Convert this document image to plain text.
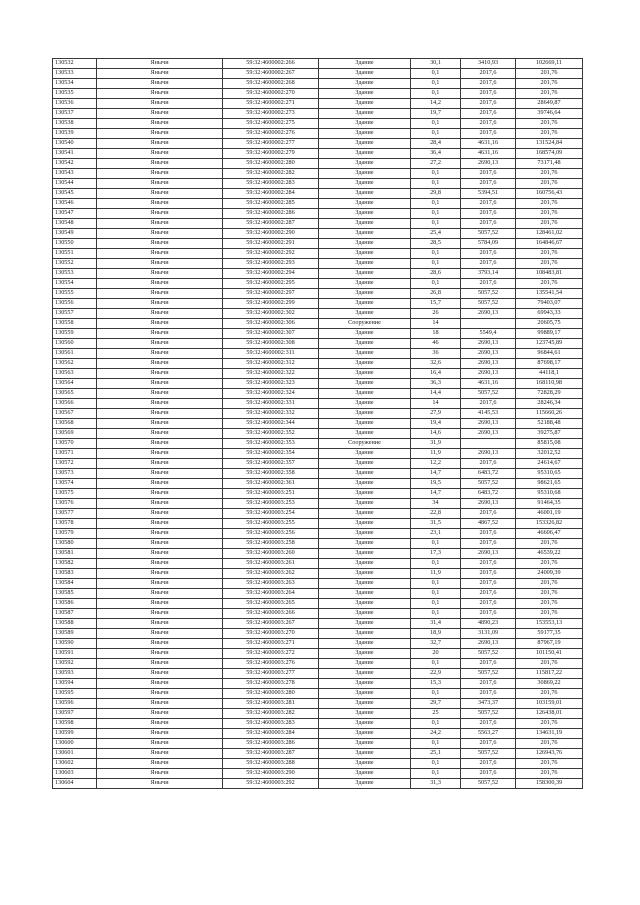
130532	Янычи	59:32:4600002:266	Здание	30,1	3410,93	102669,11
130533	Янычи	59:32:4600002:267	Здание	0,1	2017,6	201,76
130534	Янычи	59:32:4600002:268	Здание	0,1	2017,6	201,76
130535	Янычи	59:32:4600002:270	Здание	0,1	2017,6	201,76
130536	Янычи	59:32:4600002:271	Здание	14,2	2017,6	28649,87
130537	Янычи	59:32:4600002:273	Здание	19,7	2017,6	39746,64
130538	Янычи	59:32:4600002:275	Здание	0,1	2017,6	201,76
130539	Янычи	59:32:4600002:276	Здание	0,1	2017,6	201,76
130540	Янычи	59:32:4600002:277	Здание	28,4	4631,16	131524,84
130541	Янычи	59:32:4600002:279	Здание	36,4	4631,16	168574,09
130542	Янычи	59:32:4600002:280	Здание	27,2	2690,13	73171,48
130543	Янычи	59:32:4600002:282	Здание	0,1	2017,6	201,76
130544	Янычи	59:32:4600002:283	Здание	0,1	2017,6	201,76
130545	Янычи	59:32:4600002:284	Здание	29,8	5394,51	160756,43
130546	Янычи	59:32:4600002:285	Здание	0,1	2017,6	201,76
130547	Янычи	59:32:4600002:286	Здание	0,1	2017,6	201,76
130548	Янычи	59:32:4600002:287	Здание	0,1	2017,6	201,76
130549	Янычи	59:32:4600002:290	Здание	25,4	5057,52	128461,02
130550	Янычи	59:32:4600002:291	Здание	28,5	5784,09	164846,67
130551	Янычи	59:32:4600002:292	Здание	0,1	2017,6	201,76
130552	Янычи	59:32:4600002:293	Здание	0,1	2017,6	201,76
130553	Янычи	59:32:4600002:294	Здание	28,6	3793,14	108483,81
130554	Янычи	59:32:4600002:295	Здание	0,1	2017,6	201,76
130555	Янычи	59:32:4600002:297	Здание	26,8	5057,52	135541,54
130556	Янычи	59:32:4600002:299	Здание	15,7	5057,52	79403,07
130557	Янычи	59:32:4600002:302	Здание	26	2690,13	69943,33
130558	Янычи	59:32:4600002:306	Сооружение	14		20605,75
130559	Янычи	59:32:4600002:307	Здание	18	5549,4	99889,17
130560	Янычи	59:32:4600002:308	Здание	46	2690,13	123745,89
130561	Янычи	59:32:4600002:311	Здание	36	2690,13	96844,61
130562	Янычи	59:32:4600002:312	Здание	32,6	2690,13	87698,17
130563	Янычи	59:32:4600002:322	Здание	16,4	2690,13	44118,1
130564	Янычи	59:32:4600002:323	Здание	36,3	4631,16	168110,98
130565	Янычи	59:32:4600002:324	Здание	14,4	5057,52	72828,29
130566	Янычи	59:32:4600002:331	Здание	14	2017,6	28246,34
130567	Янычи	59:32:4600002:332	Здание	27,9	4145,53	115660,26
130568	Янычи	59:32:4600002:344	Здание	19,4	2690,13	52188,48
130569	Янычи	59:32:4600002:352	Здание	14,6	2690,13	39275,87
130570	Янычи	59:32:4600002:353	Сооружение	31,9		85815,08
130571	Янычи	59:32:4600002:354	Здание	11,9	2690,13	32012,52
130572	Янычи	59:32:4600002:357	Здание	12,2	2017,6	24614,67
130573	Янычи	59:32:4600002:358	Здание	14,7	6483,72	95310,65
130574	Янычи	59:32:4600002:361	Здание	19,5	5057,52	98621,65
130575	Янычи	59:32:4600003:251	Здание	14,7	6483,72	95310,68
130576	Янычи	59:32:4600003:253	Здание	34	2690,13	91464,35
130577	Янычи	59:32:4600003:254	Здание	22,8	2017,6	46001,19
130578	Янычи	59:32:4600003:255	Здание	31,5	4867,52	153326,82
130579	Янычи	59:32:4600003:256	Здание	23,1	2017,6	46606,47
130580	Янычи	59:32:4600003:258	Здание	0,1	2017,6	201,76
130581	Янычи	59:32:4600003:260	Здание	17,3	2690,13	46539,22
130582	Янычи	59:32:4600003:261	Здание	0,1	2017,6	201,76
130583	Янычи	59:32:4600003:262	Здание	11,9	2017,6	24009,39
130584	Янычи	59:32:4600003:263	Здание	0,1	2017,6	201,76
130585	Янычи	59:32:4600003:264	Здание	0,1	2017,6	201,76
130586	Янычи	59:32:4600003:265	Здание	0,1	2017,6	201,76
130587	Янычи	59:32:4600003:266	Здание	0,1	2017,6	201,76
130588	Янычи	59:32:4600003:267	Здание	31,4	4890,23	153553,13
130589	Янычи	59:32:4600003:270	Здание	18,9	3131,09	59177,35
130590	Янычи	59:32:4600003:271	Здание	32,7	2690,13	87967,19
130591	Янычи	59:32:4600003:272	Здание	20	5057,52	101150,41
130592	Янычи	59:32:4600003:276	Здание	0,1	2017,6	201,76
130593	Янычи	59:32:4600003:277	Здание	22,9	5057,52	115817,22
130594	Янычи	59:32:4600003:278	Здание	15,3	2017,6	30869,22
130595	Янычи	59:32:4600003:280	Здание	0,1	2017,6	201,76
130596	Янычи	59:32:4600003:281	Здание	29,7	3473,37	103159,01
130597	Янычи	59:32:4600003:282	Здание	25	5057,52	126438,01
130598	Янычи	59:32:4600003:283	Здание	0,1	2017,6	201,76
130599	Янычи	59:32:4600003:284	Здание	24,2	5563,27	134631,19
130600	Янычи	59:32:4600003:286	Здание	0,1	2017,6	201,76
130601	Янычи	59:32:4600003:287	Здание	25,1	5057,52	126943,76
130602	Янычи	59:32:4600003:288	Здание	0,1	2017,6	201,76
130603	Янычи	59:32:4600003:290	Здание	0,1	2017,6	201,76
130604	Янычи	59:32:4600003:292	Здание	31,3	5057,52	158300,39
